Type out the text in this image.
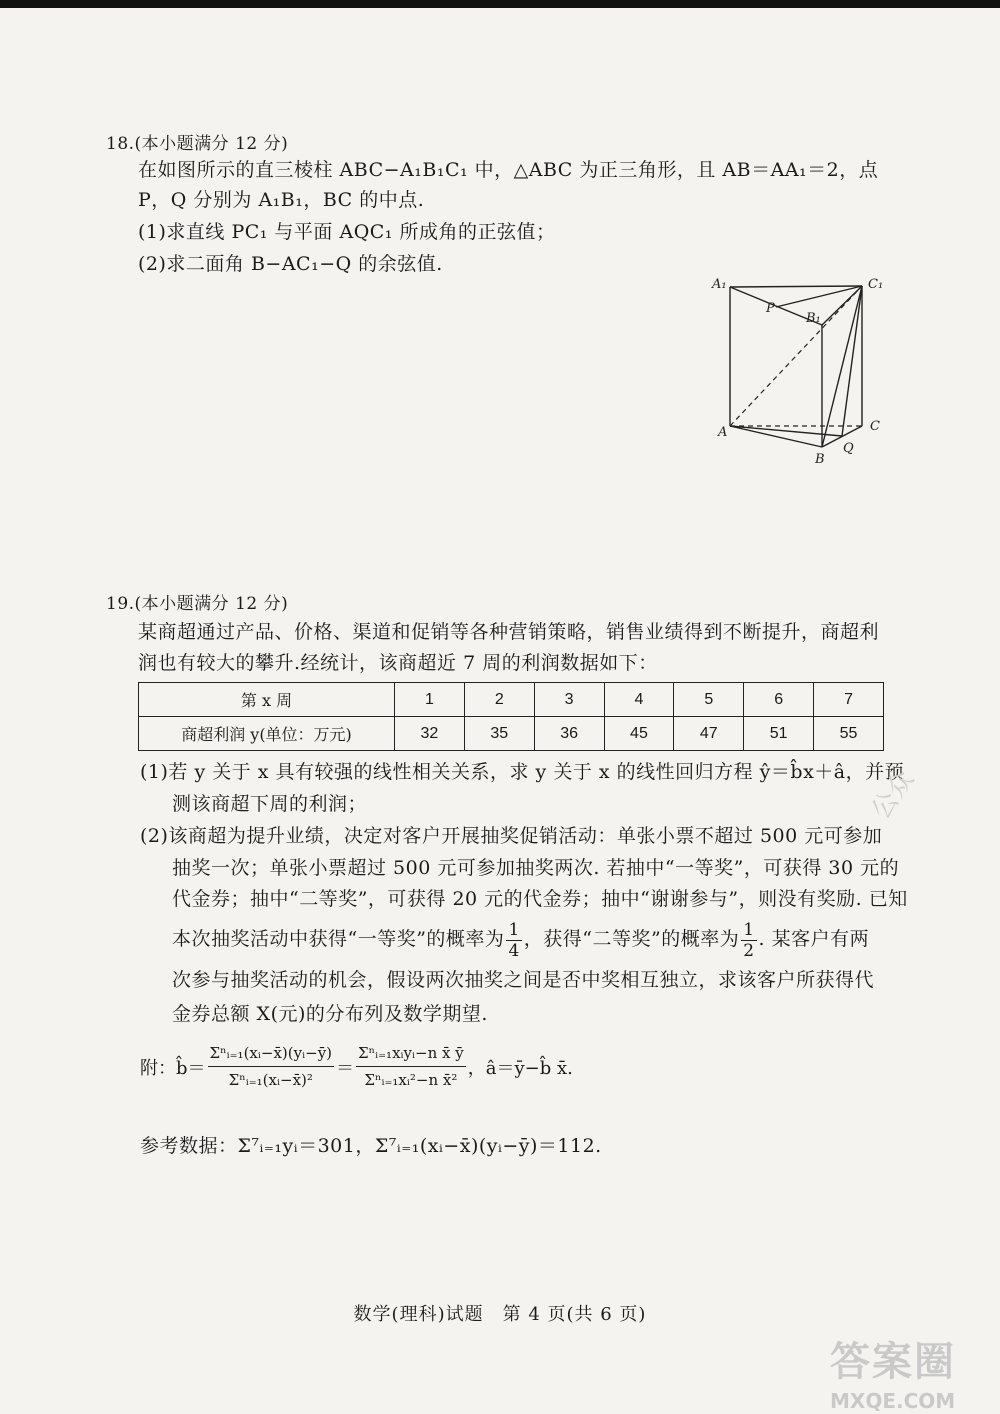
18.(本小题满分 12 分)
在如图所示的直三棱柱 ABC−A₁B₁C₁ 中，△ABC 为正三角形，且 AB＝AA₁＝2，点
P，Q 分别为 A₁B₁，BC 的中点.
(1)求直线 PC₁ 与平面 AQC₁ 所成角的正弦值；
(2)求二面角 B−AC₁−Q 的余弦值.
A₁	C₁
P
B₁
A	C
B
Q
19.(本小题满分 12 分)
某商超通过产品、价格、渠道和促销等各种营销策略，销售业绩得到不断提升，商超利
润也有较大的攀升.经统计，该商超近 7 周的利润数据如下：
第 x 周	1	2	3	4	5	6	7
商超利润 y(单位：万元)	32	35	36	45	47	51	55
(1)若 y 关于 x 具有较强的线性相关关系，求 y 关于 x 的线性回归方程 ŷ＝b̂x＋â，并预
测该商超下周的利润；
(2)该商超为提升业绩，决定对客户开展抽奖促销活动：单张小票不超过 500 元可参加
抽奖一次；单张小票超过 500 元可参加抽奖两次. 若抽中“一等奖”，可获得 30 元的
代金券；抽中“二等奖”，可获得 20 元的代金券；抽中“谢谢参与”，则没有奖励. 已知
本次抽奖活动中获得“一等奖”的概率为 $\frac{1}{4}$ ，获得“二等奖”的概率为 $\frac{1}{2}$ . 某客户有两
次参与抽奖活动的机会，假设两次抽奖之间是否中奖相互独立，求该客户所获得代
金券总额 X(元)的分布列及数学期望.
附：b̂＝ $\frac{\text{Σⁿᵢ₌₁(xᵢ−x̄)(yᵢ−ȳ)}}{\text{Σⁿᵢ₌₁(xᵢ−x̄)²}} = \frac{\text{Σⁿᵢ₌₁xᵢyᵢ−n x̄ ȳ}}{\text{Σⁿᵢ₌₁xᵢ²−n x̄²}}$ ，â＝ȳ−b̂ x̄.
参考数据：Σ⁷ᵢ₌₁yᵢ＝301，Σ⁷ᵢ₌₁(xᵢ−x̄)(yᵢ−ȳ)＝112.
数学(理科)试题　第 4 页(共 6 页)
公众
答案圈
MXQE.COM
